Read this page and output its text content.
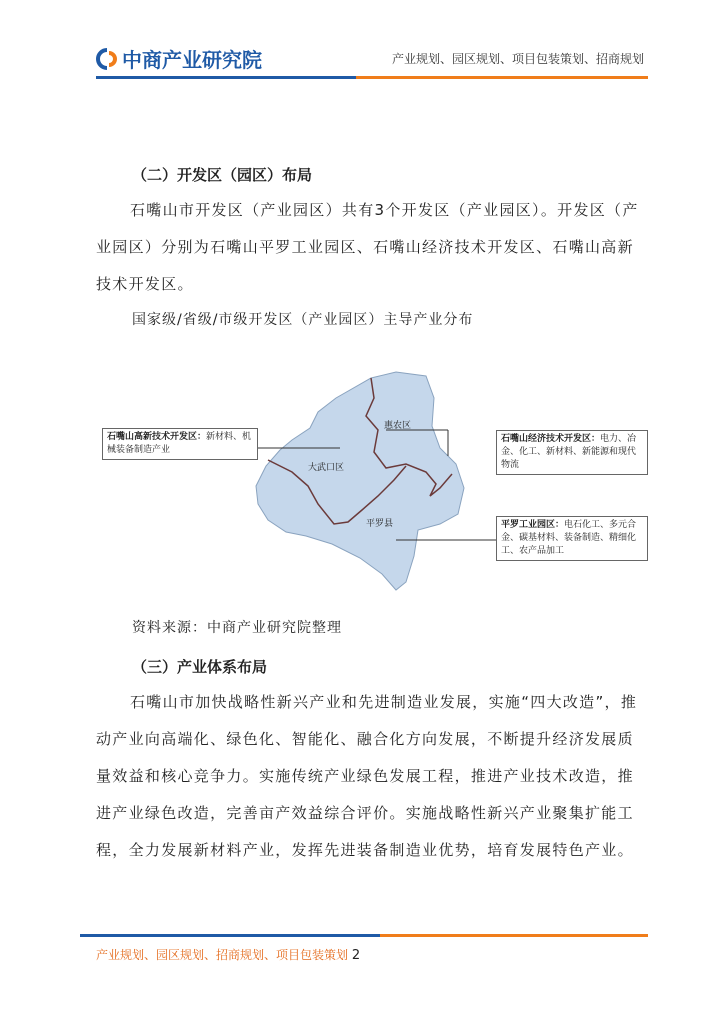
中商产业研究院	产业规划、园区规划、项目包装策划、招商规划
（二）开发区（园区）布局

石嘴山市开发区（产业园区）共有3个开发区（产业园区）。开发区（产业园区）分别为石嘴山平罗工业园区、石嘴山经济技术开发区、石嘴山高新技术开发区。

国家级/省级/市级开发区（产业园区）主导产业分布
惠农区
大武口区
平罗县
石嘴山高新技术开发区：新材料、机械装备制造产业
石嘴山经济技术开发区：电力、冶金、化工、新材料、新能源和现代物流
平罗工业园区：电石化工、多元合金、碳基材料、装备制造、精细化工、农产品加工
资料来源：中商产业研究院整理
（三）产业体系布局

石嘴山市加快战略性新兴产业和先进制造业发展，实施“四大改造”，推动产业向高端化、绿色化、智能化、融合化方向发展，不断提升经济发展质量效益和核心竞争力。实施传统产业绿色发展工程，推进产业技术改造，推进产业绿色改造，完善亩产效益综合评价。实施战略性新兴产业聚集扩能工程，全力发展新材料产业，发挥先进装备制造业优势，培育发展特色产业。

产业规划、园区规划、招商规划、项目包装策划 2
